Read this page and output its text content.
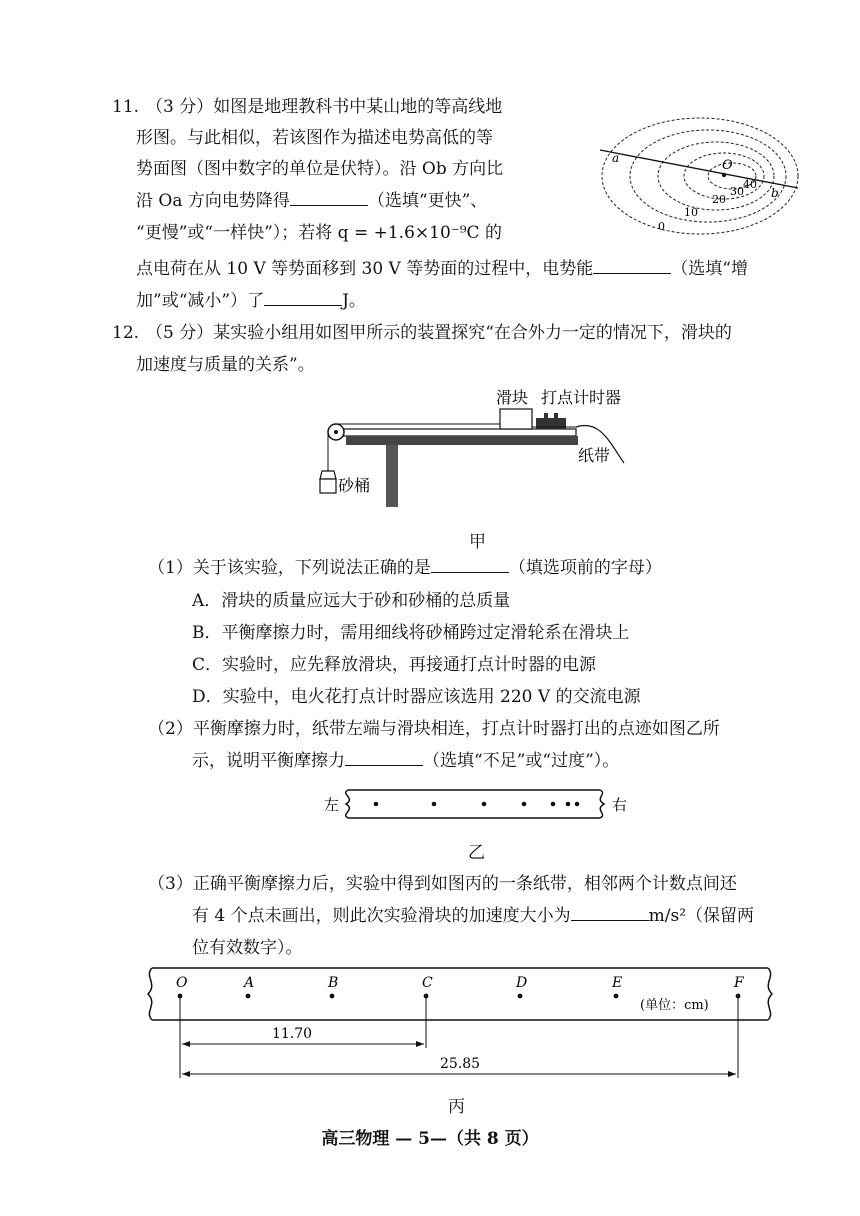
11. （3 分）如图是地理教科书中某山地的等高线地
形图。与此相似，若该图作为描述电势高低的等
势面图（图中数字的单位是伏特）。沿 Ob 方向比
沿 Oa 方向电势降得	（选填“更快”、
“更慢”或“一样快”）；若将 q = +1.6×10⁻⁹C 的
点电荷在从 10 V 等势面移到 30 V 等势面的过程中，电势能	（选填“增
加”或“减小”）了	J。
a	O
b
40
30
20
10
0
12. （5 分）某实验小组用如图甲所示的装置探究“在合外力一定的情况下，滑块的
加速度与质量的关系”。
滑块 打点计时器
纸带
砂桶
甲
（1）关于该实验，下列说法正确的是	（填选项前的字母）
A．滑块的质量应远大于砂和砂桶的总质量
B．平衡摩擦力时，需用细线将砂桶跨过定滑轮系在滑块上
C．实验时，应先释放滑块，再接通打点计时器的电源
D．实验中，电火花打点计时器应该选用 220 V 的交流电源
（2）平衡摩擦力时，纸带左端与滑块相连，打点计时器打出的点迹如图乙所
示，说明平衡摩擦力	（选填“不足”或“过度”）。
左	右
乙
（3）正确平衡摩擦力后，实验中得到如图丙的一条纸带，相邻两个计数点间还
有 4 个点未画出，则此次实验滑块的加速度大小为	m/s²（保留两
位有效数字）。
O	A	B	C	D	E	F
(单位：cm)
11.70
25.85
丙
高三物理 — 5—（共 8 页）
